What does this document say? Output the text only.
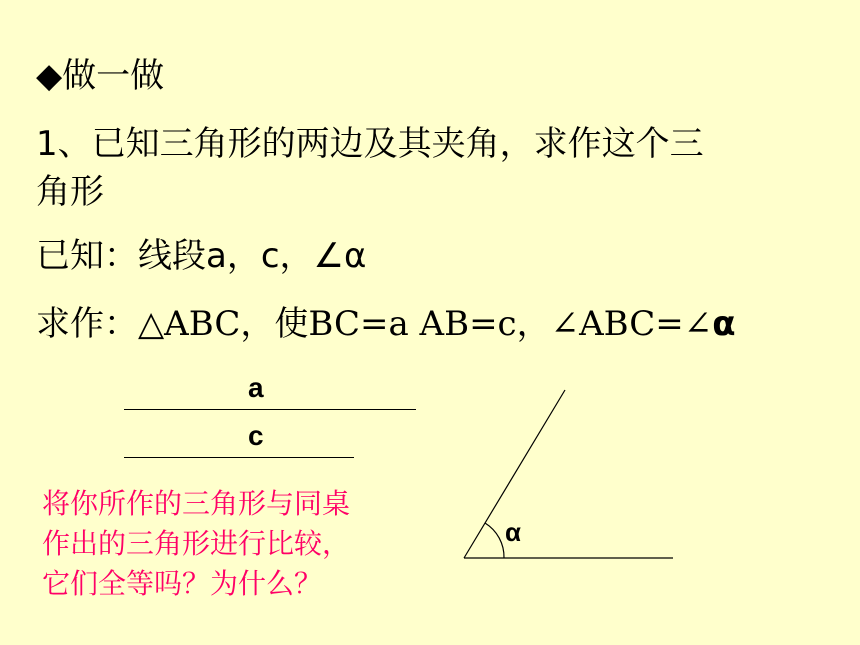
◆做一做
1、已知三角形的两边及其夹角，求作这个三
角形
已知：线段a，c，∠α
求作：△ABC，使BC=a AB=c，∠ABC=∠α
a
c
α
将你所作的三角形与同桌
作出的三角形进行比较，
它们全等吗？为什么？
